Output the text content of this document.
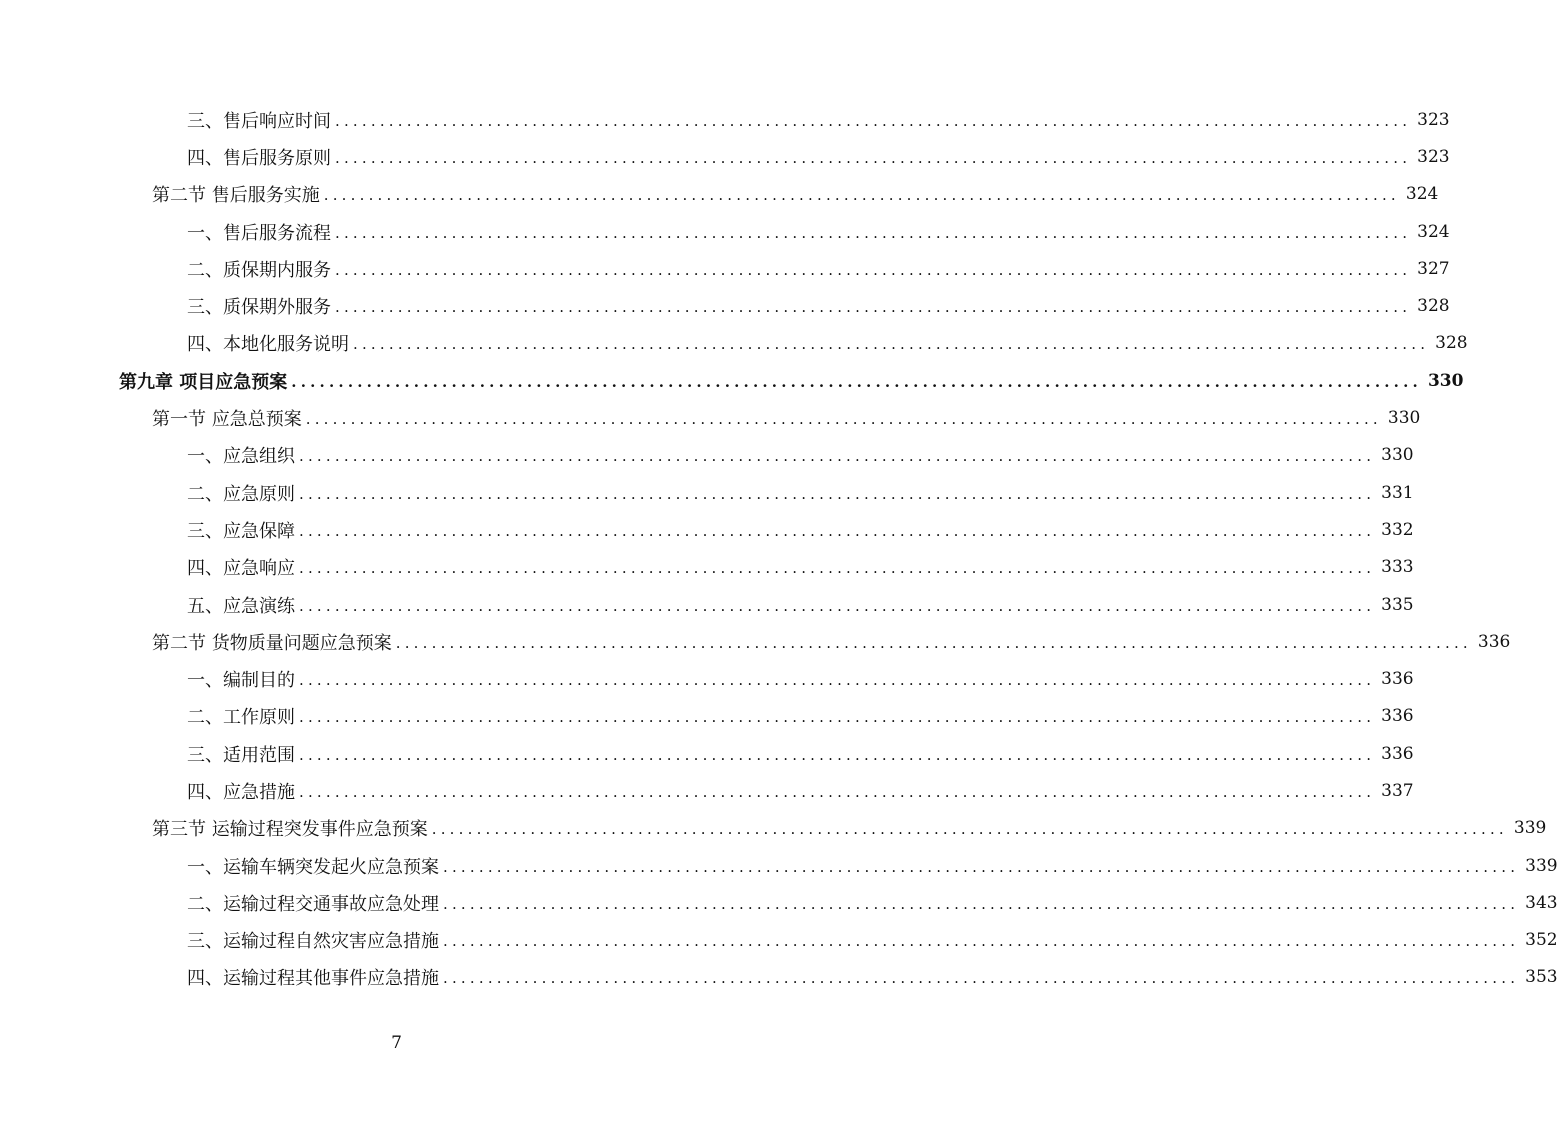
三、售后响应时间 ........................................................................................................................ 323
四、售后服务原则 ........................................................................................................................ 323
第二节 售后服务实施 ........................................................................................................................ 324
一、售后服务流程 ........................................................................................................................ 324
二、质保期内服务 ........................................................................................................................ 327
三、质保期外服务 ........................................................................................................................ 328
四、本地化服务说明 ........................................................................................................................ 328
第九章 项目应急预案 ........................................................................................................................ 330
第一节 应急总预案 ........................................................................................................................ 330
一、应急组织 ........................................................................................................................ 330
二、应急原则 ........................................................................................................................ 331
三、应急保障 ........................................................................................................................ 332
四、应急响应 ........................................................................................................................ 333
五、应急演练 ........................................................................................................................ 335
第二节 货物质量问题应急预案 ........................................................................................................................ 336
一、编制目的 ........................................................................................................................ 336
二、工作原则 ........................................................................................................................ 336
三、适用范围 ........................................................................................................................ 336
四、应急措施 ........................................................................................................................ 337
第三节 运输过程突发事件应急预案 ........................................................................................................................ 339
一、运输车辆突发起火应急预案 ........................................................................................................................ 339
二、运输过程交通事故应急处理 ........................................................................................................................ 343
三、运输过程自然灾害应急措施 ........................................................................................................................ 352
四、运输过程其他事件应急措施 ........................................................................................................................ 353
7
